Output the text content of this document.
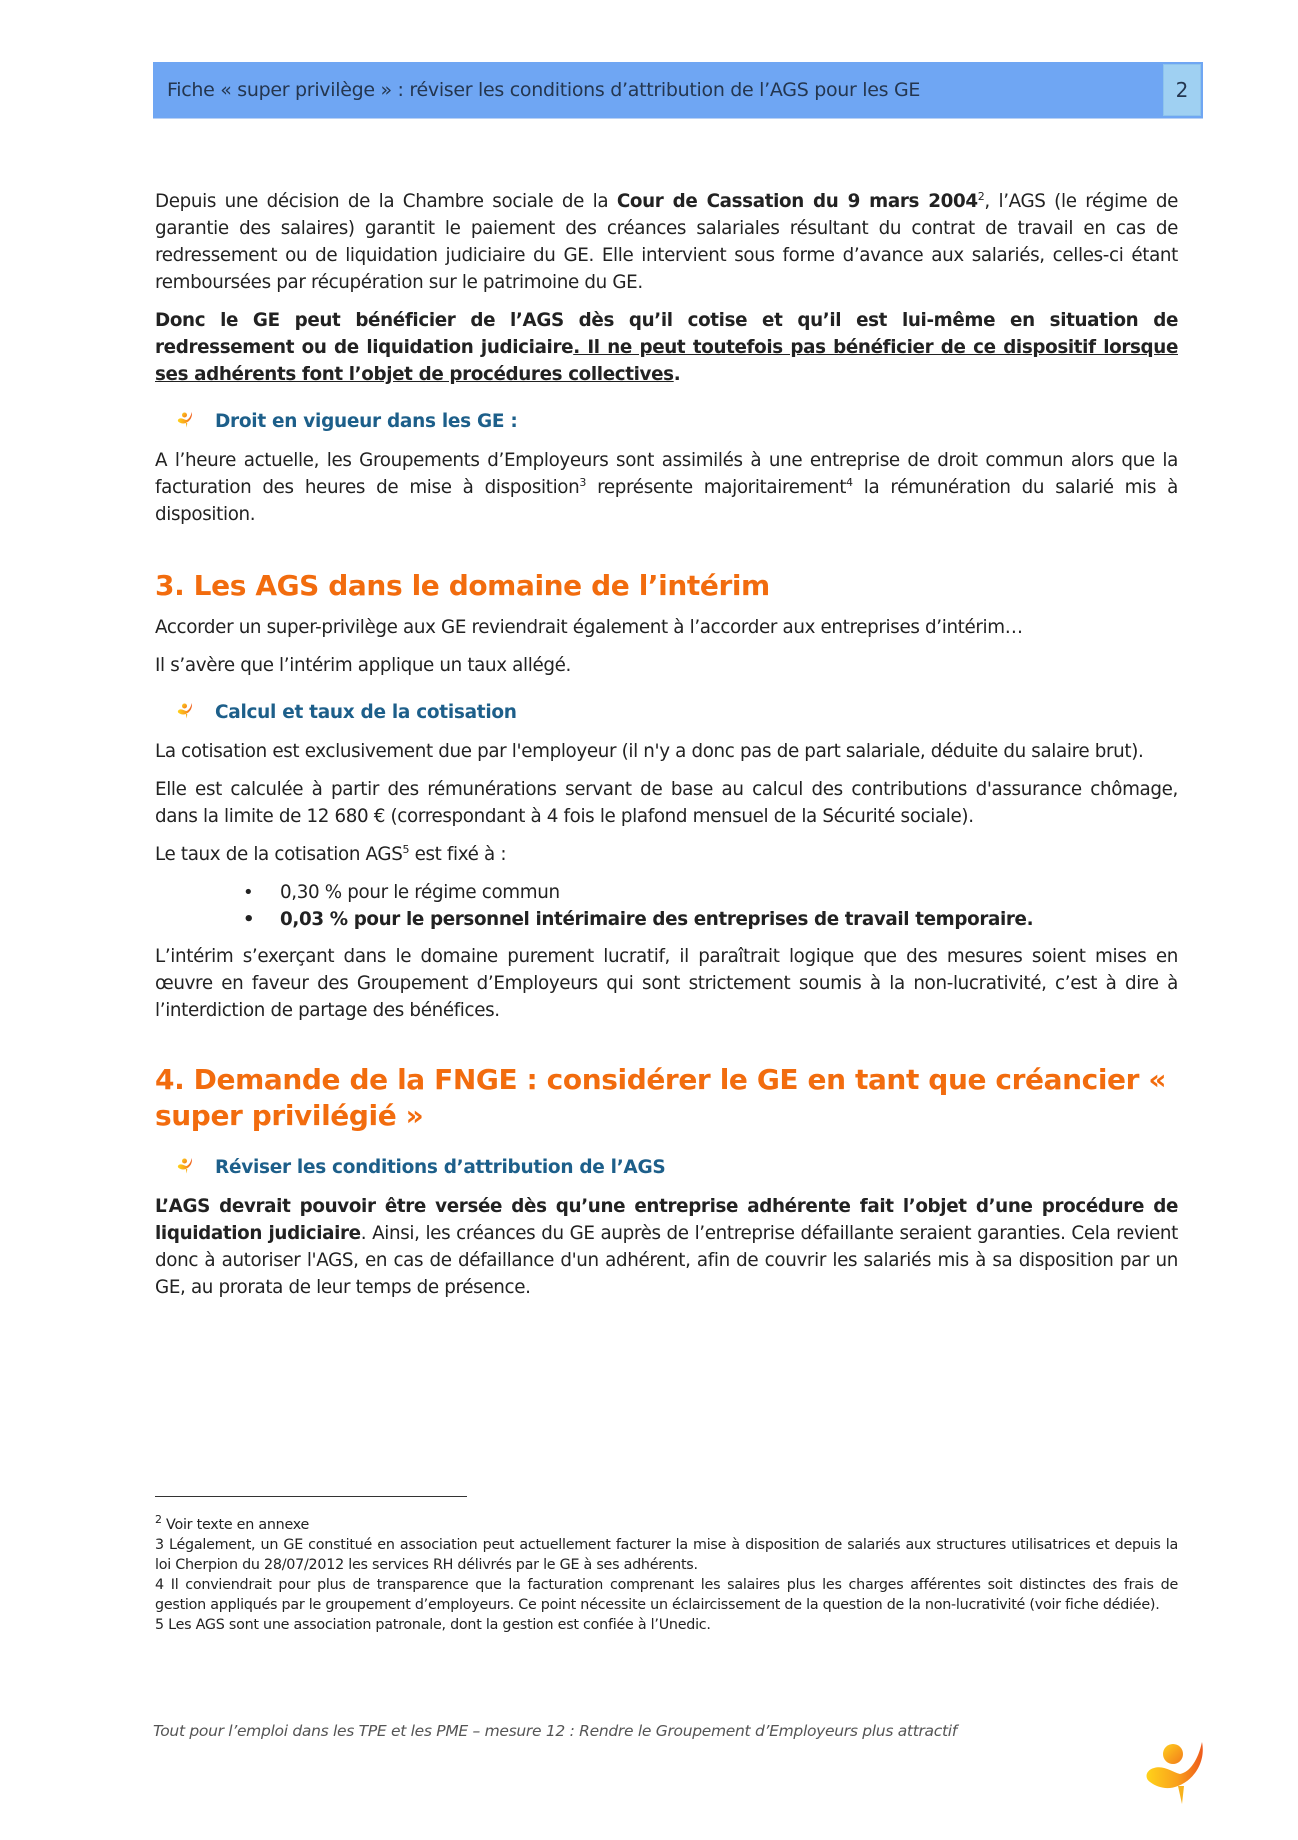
Fiche « super privilège » : réviser les conditions d’attribution de l’AGS pour les GE	2

Depuis une décision de la Chambre sociale de la Cour de Cassation du 9 mars 2004$^2$, l’AGS (le régime de garantie des salaires) garantit le paiement des créances salariales résultant du contrat de travail en cas de redressement ou de liquidation judiciaire du GE. Elle intervient sous forme d’avance aux salariés, celles-ci étant remboursées par récupération sur le patrimoine du GE.

Donc le GE peut bénéficier de l’AGS dès qu’il cotise et qu’il est lui-même en situation de redressement ou de liquidation judiciaire. Il ne peut toutefois pas bénéficier de ce dispositif lorsque ses adhérents font l’objet de procédures collectives.

Droit en vigueur dans les GE :

A l’heure actuelle, les Groupements d’Employeurs sont assimilés à une entreprise de droit commun alors que la facturation des heures de mise à disposition$^3$ représente majoritairement$^4$ la rémunération du salarié mis à disposition.

3. Les AGS dans le domaine de l’intérim

Accorder un super-privilège aux GE reviendrait également à l’accorder aux entreprises d’intérim…

Il s’avère que l’intérim applique un taux allégé.

Calcul et taux de la cotisation

La cotisation est exclusivement due par l'employeur (il n'y a donc pas de part salariale, déduite du salaire brut).

Elle est calculée à partir des rémunérations servant de base au calcul des contributions d'assurance chômage, dans la limite de 12 680 € (correspondant à 4 fois le plafond mensuel de la Sécurité sociale).

Le taux de la cotisation AGS$^5$ est fixé à :

• 0,30 % pour le régime commun
• 0,03 % pour le personnel intérimaire des entreprises de travail temporaire.

L’intérim s’exerçant dans le domaine purement lucratif, il paraîtrait logique que des mesures soient mises en œuvre en faveur des Groupement d’Employeurs qui sont strictement soumis à la non-lucrativité, c’est à dire à l’interdiction de partage des bénéfices.

4. Demande de la FNGE : considérer le GE en tant que créancier « super privilégié »
Réviser les conditions d’attribution de l’AGS

L’AGS devrait pouvoir être versée dès qu’une entreprise adhérente fait l’objet d’une procédure de liquidation judiciaire. Ainsi, les créances du GE auprès de l’entreprise défaillante seraient garanties. Cela revient donc à autoriser l'AGS, en cas de défaillance d'un adhérent, afin de couvrir les salariés mis à sa disposition par un GE, au prorata de leur temps de présence.

$^2$ Voir texte en annexe
3 Légalement, un GE constitué en association peut actuellement facturer la mise à disposition de salariés aux structures utilisatrices et depuis la loi Cherpion du 28/07/2012 les services RH délivrés par le GE à ses adhérents.
4 Il conviendrait pour plus de transparence que la facturation comprenant les salaires plus les charges afférentes soit distinctes des frais de gestion appliqués par le groupement d’employeurs. Ce point nécessite un éclaircissement de la question de la non-lucrativité (voir fiche dédiée).
5 Les AGS sont une association patronale, dont la gestion est confiée à l’Unedic.
Tout pour l’emploi dans les TPE et les PME – mesure 12 : Rendre le Groupement d’Employeurs plus attractif
